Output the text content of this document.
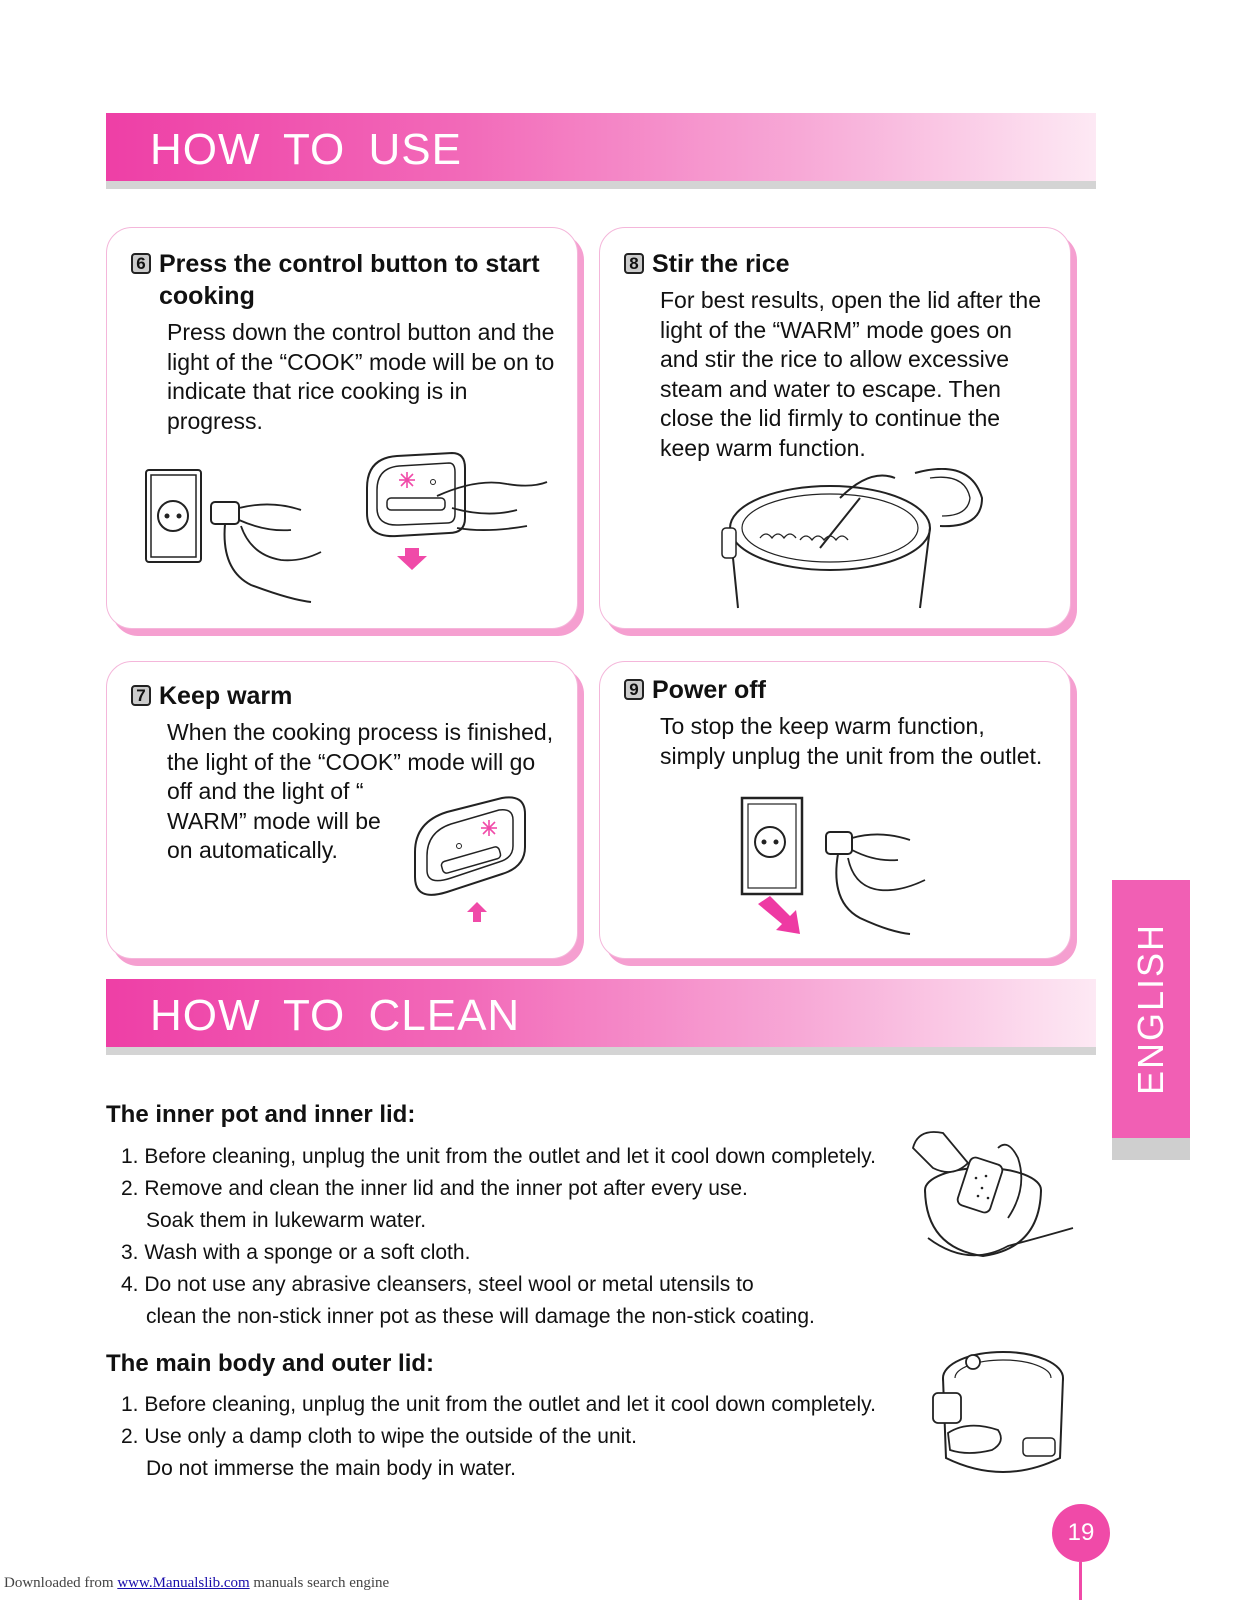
HOW TO USE
6 Press the control button to start
cooking
Press down the control button and the
light of the “COOK” mode will be on to
indicate that rice cooking is in
progress.
8 Stir the rice
For best results, open the lid after the
light of the “WARM” mode goes on
and stir the rice to allow excessive
steam and water to escape. Then
close the lid firmly to continue the
keep warm function.
7 Keep warm
When the cooking process is finished,
the light of the “COOK” mode will go
off and the light of “
WARM” mode will be
on automatically.
9 Power off
To stop the keep warm function,
simply unplug the unit from the outlet.
HOW TO CLEAN
The inner pot and inner lid:
1. Before cleaning, unplug the unit from the outlet and let it cool down completely.
2. Remove and clean the inner lid and the inner pot after every use.
Soak them in lukewarm water.
3. Wash with a sponge or a soft cloth.
4. Do not use any abrasive cleansers, steel wool or metal utensils to
clean the non-stick inner pot as these will damage the non-stick coating.
The main body and outer lid:
1. Before cleaning, unplug the unit from the outlet and let it cool down completely.
2. Use only a damp cloth to wipe the outside of the unit.
Do not immerse the main body in water.
ENGLISH
19
Downloaded from www.Manualslib.com manuals search engine
